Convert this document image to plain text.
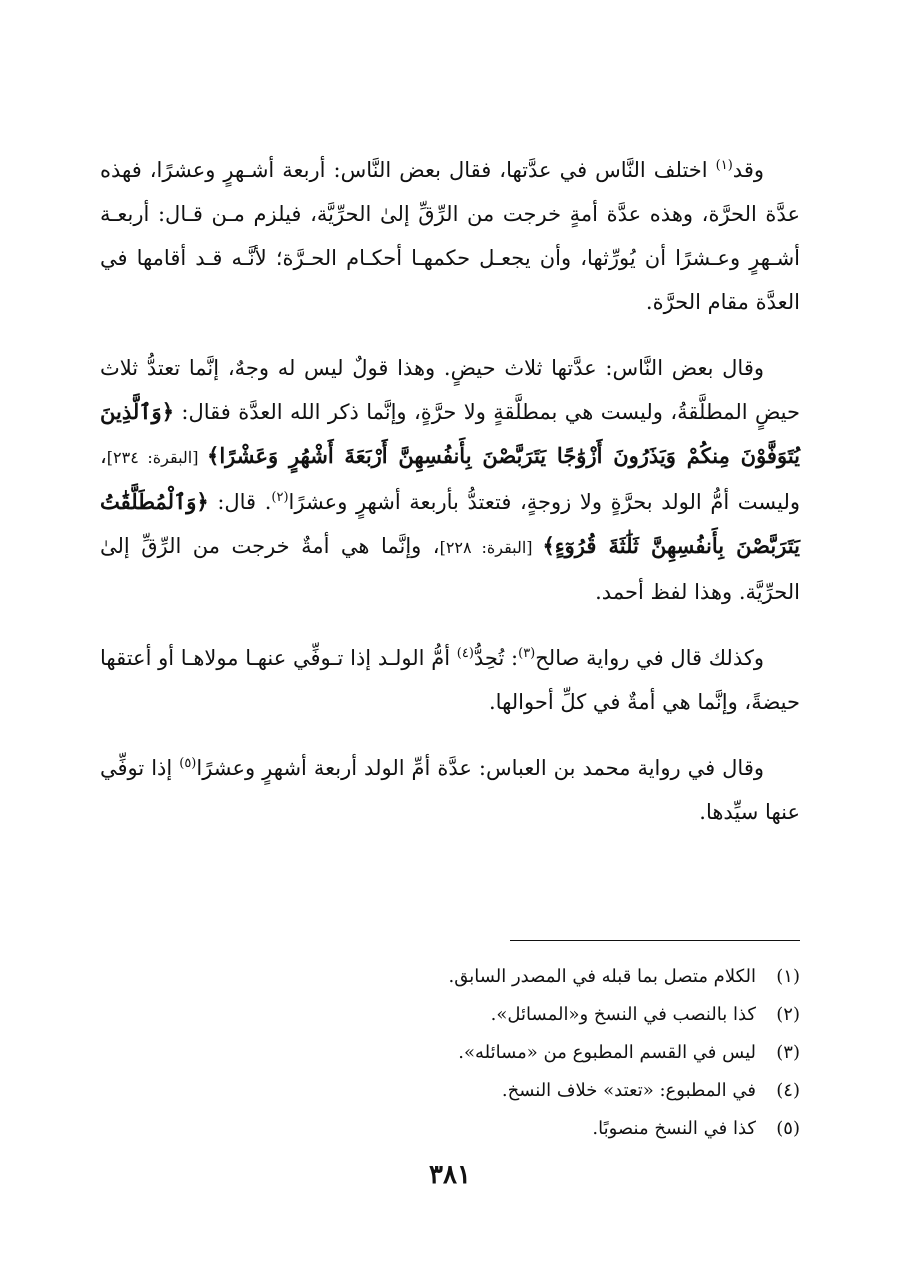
وقد$^{(١)}$ اختلف النَّاس في عدَّتها، فقال بعض النَّاس: أربعة أشـهرٍ وعشرًا، فهذه عدَّة الحرَّة، وهذه عدَّة أمةٍ خرجت من الرِّقِّ إلىٰ الحرِّيَّة، فيلزم مـن قـال: أربعـة أشـهرٍ وعـشرًا أن يُورِّثها، وأن يجعـل حكمهـا أحكـام الحـرَّة؛ لأنَّـه قـد أقامها في العدَّة مقام الحرَّة.

وقال بعض النَّاس: عدَّتها ثلاث حيضٍ. وهذا قولٌ ليس له وجهٌ، إنَّما تعتدُّ ثلاث حيضٍ المطلَّقةُ، وليست هي بمطلَّقةٍ ولا حرَّةٍ، وإنَّما ذكر الله العدَّة فقال: ﴿وَٱلَّذِينَ يُتَوَفَّوْنَ مِنكُمْ وَيَذَرُونَ أَزْوَٰجًا يَتَرَبَّصْنَ بِأَنفُسِهِنَّ أَرْبَعَةَ أَشْهُرٍ وَعَشْرًا﴾ [البقرة: ٢٣٤]، وليست أمُّ الولد بحرَّةٍ ولا زوجةٍ، فتعتدُّ بأربعة أشهرٍ وعشرًا$^{(٢)}$. قال: ﴿وَٱلْمُطَلَّقَٰتُ يَتَرَبَّصْنَ بِأَنفُسِهِنَّ ثَلَٰثَةَ قُرُوٓءٍ﴾ [البقرة: ٢٢٨]، وإنَّما هي أمةٌ خرجت من الرِّقِّ إلىٰ الحرِّيَّة. وهذا لفظ أحمد.

وكذلك قال في رواية صالح$^{(٣)}$: تُحِدُّ$^{(٤)}$ أمُّ الولـد إذا تـوفِّي عنهـا مولاهـا أو أعتقها حيضةً، وإنَّما هي أمةٌ في كلِّ أحوالها.

وقال في رواية محمد بن العباس: عدَّة أمِّ الولد أربعة أشهرٍ وعشرًا$^{(٥)}$ إذا توفِّي عنها سيِّدها.

(١)
الكلام متصل بما قبله في المصدر السابق.
(٢)
كذا بالنصب في النسخ و«المسائل».
(٣)
ليس في القسم المطبوع من «مسائله».
(٤)
في المطبوع: «تعتد» خلاف النسخ.
(٥)
كذا في النسخ منصوبًا.
٣٨١
